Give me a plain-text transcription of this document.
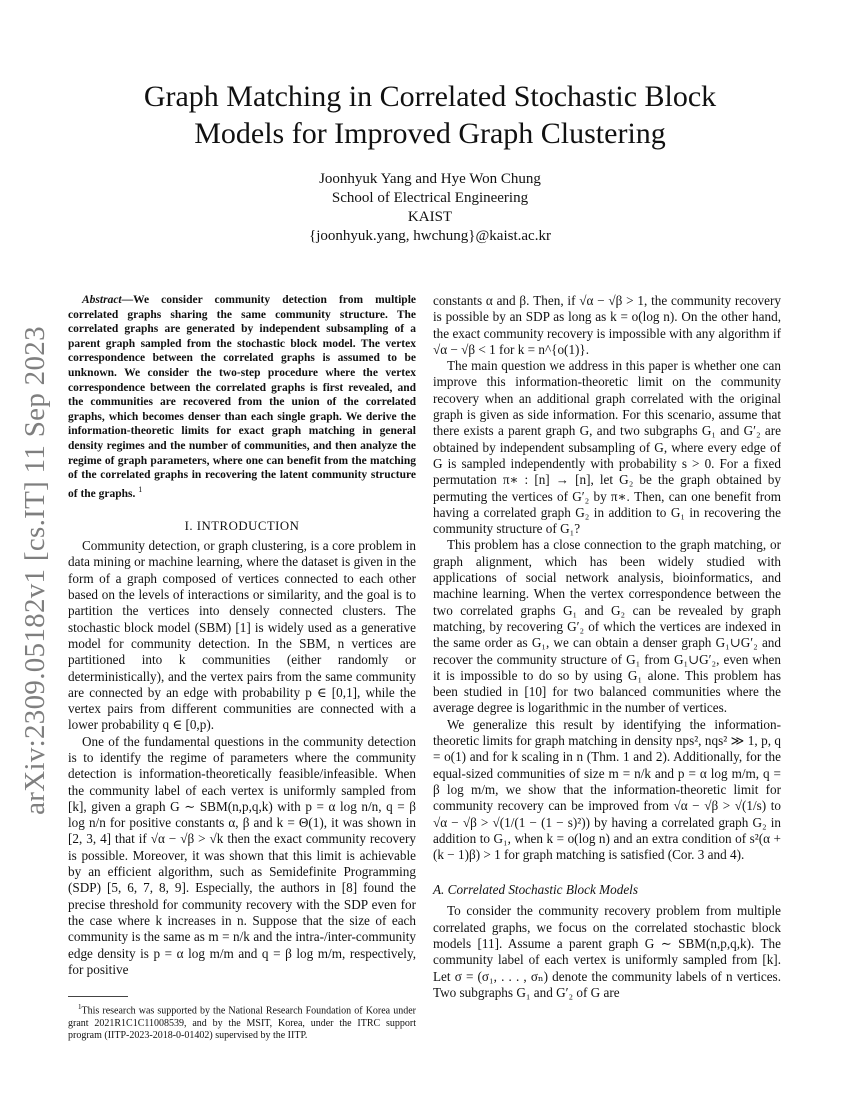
arXiv:2309.05182v1 [cs.IT] 11 Sep 2023
Graph Matching in Correlated Stochastic Block
Models for Improved Graph Clustering

Joonhyuk Yang and Hye Won Chung

School of Electrical Engineering

KAIST

{joonhyuk.yang, hwchung}@kaist.ac.kr

Abstract—We consider community detection from multiple correlated graphs sharing the same community structure. The correlated graphs are generated by independent subsampling of a parent graph sampled from the stochastic block model. The vertex correspondence between the correlated graphs is assumed to be unknown. We consider the two-step procedure where the vertex correspondence between the correlated graphs is first revealed, and the communities are recovered from the union of the correlated graphs, which becomes denser than each single graph. We derive the information-theoretic limits for exact graph matching in general density regimes and the number of communities, and then analyze the regime of graph parameters, where one can benefit from the matching of the correlated graphs in recovering the latent community structure of the graphs. $^1$

I. INTRODUCTION

Community detection, or graph clustering, is a core problem in data mining or machine learning, where the dataset is given in the form of a graph composed of vertices connected to each other based on the levels of interactions or similarity, and the goal is to partition the vertices into densely connected clusters. The stochastic block model (SBM) [1] is widely used as a generative model for community detection. In the SBM, n vertices are partitioned into k communities (either randomly or deterministically), and the vertex pairs from the same community are connected by an edge with probability p ∈ [0,1], while the vertex pairs from different communities are connected with a lower probability q ∈ [0,p).

One of the fundamental questions in the community detection is to identify the regime of parameters where the community detection is information-theoretically feasible/infeasible. When the community label of each vertex is uniformly sampled from [k], given a graph G ∼ SBM(n,p,q,k) with p = α log n/n, q = β log n/n for positive constants α, β and k = Θ(1), it was shown in [2, 3, 4] that if √α − √β > √k then the exact community recovery is possible. Moreover, it was shown that this limit is achievable by an efficient algorithm, such as Semidefinite Programming (SDP) [5, 6, 7, 8, 9]. Especially, the authors in [8] found the precise threshold for community recovery with the SDP even for the case where k increases in n. Suppose that the size of each community is the same as m = n/k and the intra-/inter-community edge density is p = α log m/m and q = β log m/m, respectively, for positive

constants α and β. Then, if √α − √β > 1, the community recovery is possible by an SDP as long as k = o(log n). On the other hand, the exact community recovery is impossible with any algorithm if √α − √β < 1 for k = n^{o(1)}.

The main question we address in this paper is whether one can improve this information-theoretic limit on the community recovery when an additional graph correlated with the original graph is given as side information. For this scenario, assume that there exists a parent graph G, and two subgraphs G₁ and G′₂ are obtained by independent subsampling of G, where every edge of G is sampled independently with probability s > 0. For a fixed permutation π∗ : [n] → [n], let G₂ be the graph obtained by permuting the vertices of G′₂ by π∗. Then, can one benefit from having a correlated graph G₂ in addition to G₁ in recovering the community structure of G₁?

This problem has a close connection to the graph matching, or graph alignment, which has been widely studied with applications of social network analysis, bioinformatics, and machine learning. When the vertex correspondence between the two correlated graphs G₁ and G₂ can be revealed by graph matching, by recovering G′₂ of which the vertices are indexed in the same order as G₁, we can obtain a denser graph G₁∪G′₂ and recover the community structure of G₁ from G₁∪G′₂, even when it is impossible to do so by using G₁ alone. This problem has been studied in [10] for two balanced communities where the average degree is logarithmic in the number of vertices.

We generalize this result by identifying the information-theoretic limits for graph matching in density nps², nqs² ≫ 1, p, q = o(1) and for k scaling in n (Thm. 1 and 2). Additionally, for the equal-sized communities of size m = n/k and p = α log m/m, q = β log m/m, we show that the information-theoretic limit for community recovery can be improved from √α − √β > √(1/s) to √α − √β > √(1/(1 − (1 − s)²)) by having a correlated graph G₂ in addition to G₁, when k = o(log n) and an extra condition of s²(α + (k − 1)β) > 1 for graph matching is satisfied (Cor. 3 and 4).

A. Correlated Stochastic Block Models

To consider the community recovery problem from multiple correlated graphs, we focus on the correlated stochastic block models [11]. Assume a parent graph G ∼ SBM(n,p,q,k). The community label of each vertex is uniformly sampled from [k]. Let σ = (σ₁, . . . , σₙ) denote the community labels of n vertices. Two subgraphs G₁ and G′₂ of G are

$^1$This research was supported by the National Research Foundation of Korea under grant 2021R1C1C11008539, and by the MSIT, Korea, under the ITRC support program (IITP-2023-2018-0-01402) supervised by the IITP.
